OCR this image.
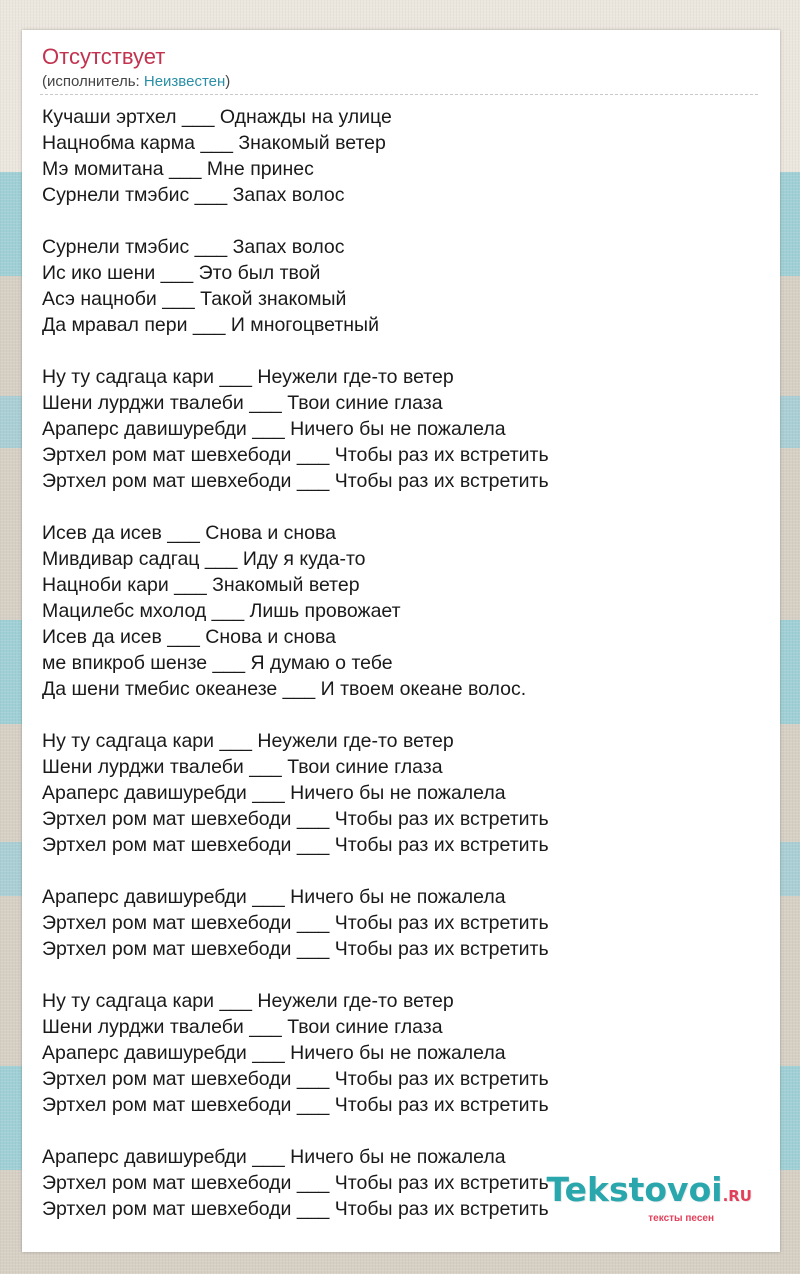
Отсутствует
(исполнитель: Неизвестен)
Кучаши эртхел ___ Однажды на улице
Нацнобма карма ___ Знакомый ветер
Мэ момитана ___ Мне принес
Сурнели тмэбис ___ Запах волос
Сурнели тмэбис ___ Запах волос
Ис ико шени ___ Это был твой
Асэ нацноби ___ Такой знакомый
Да мравал пери ___ И многоцветный
Ну ту садгаца кари ___ Неужели где-то ветер
Шени лурджи твалеби ___ Твои синие глаза
Араперс давишуребди ___ Ничего бы не пожалела
Эртхел ром мат шевхебоди ___ Чтобы раз их встретить
Эртхел ром мат шевхебоди ___ Чтобы раз их встретить
Исев да исев ___ Снова и снова
Мивдивар садгац ___ Иду я куда-то
Нацноби кари ___ Знакомый ветер
Мацилебс мхолод ___ Лишь провожает
Исев да исев ___ Снова и снова
ме впикроб шензе ___ Я думаю о тебе
Да шени тмебис океанезе ___ И твоем океане волос.
Ну ту садгаца кари ___ Неужели где-то ветер
Шени лурджи твалеби ___ Твои синие глаза
Араперс давишуребди ___ Ничего бы не пожалела
Эртхел ром мат шевхебоди ___ Чтобы раз их встретить
Эртхел ром мат шевхебоди ___ Чтобы раз их встретить
Араперс давишуребди ___ Ничего бы не пожалела
Эртхел ром мат шевхебоди ___ Чтобы раз их встретить
Эртхел ром мат шевхебоди ___ Чтобы раз их встретить
Ну ту садгаца кари ___ Неужели где-то ветер
Шени лурджи твалеби ___ Твои синие глаза
Араперс давишуребди ___ Ничего бы не пожалела
Эртхел ром мат шевхебоди ___ Чтобы раз их встретить
Эртхел ром мат шевхебоди ___ Чтобы раз их встретить
Араперс давишуребди ___ Ничего бы не пожалела
Эртхел ром мат шевхебоди ___ Чтобы раз их встретить
Эртхел ром мат шевхебоди ___ Чтобы раз их встретить
Tekstovoi.RU
тексты песен
